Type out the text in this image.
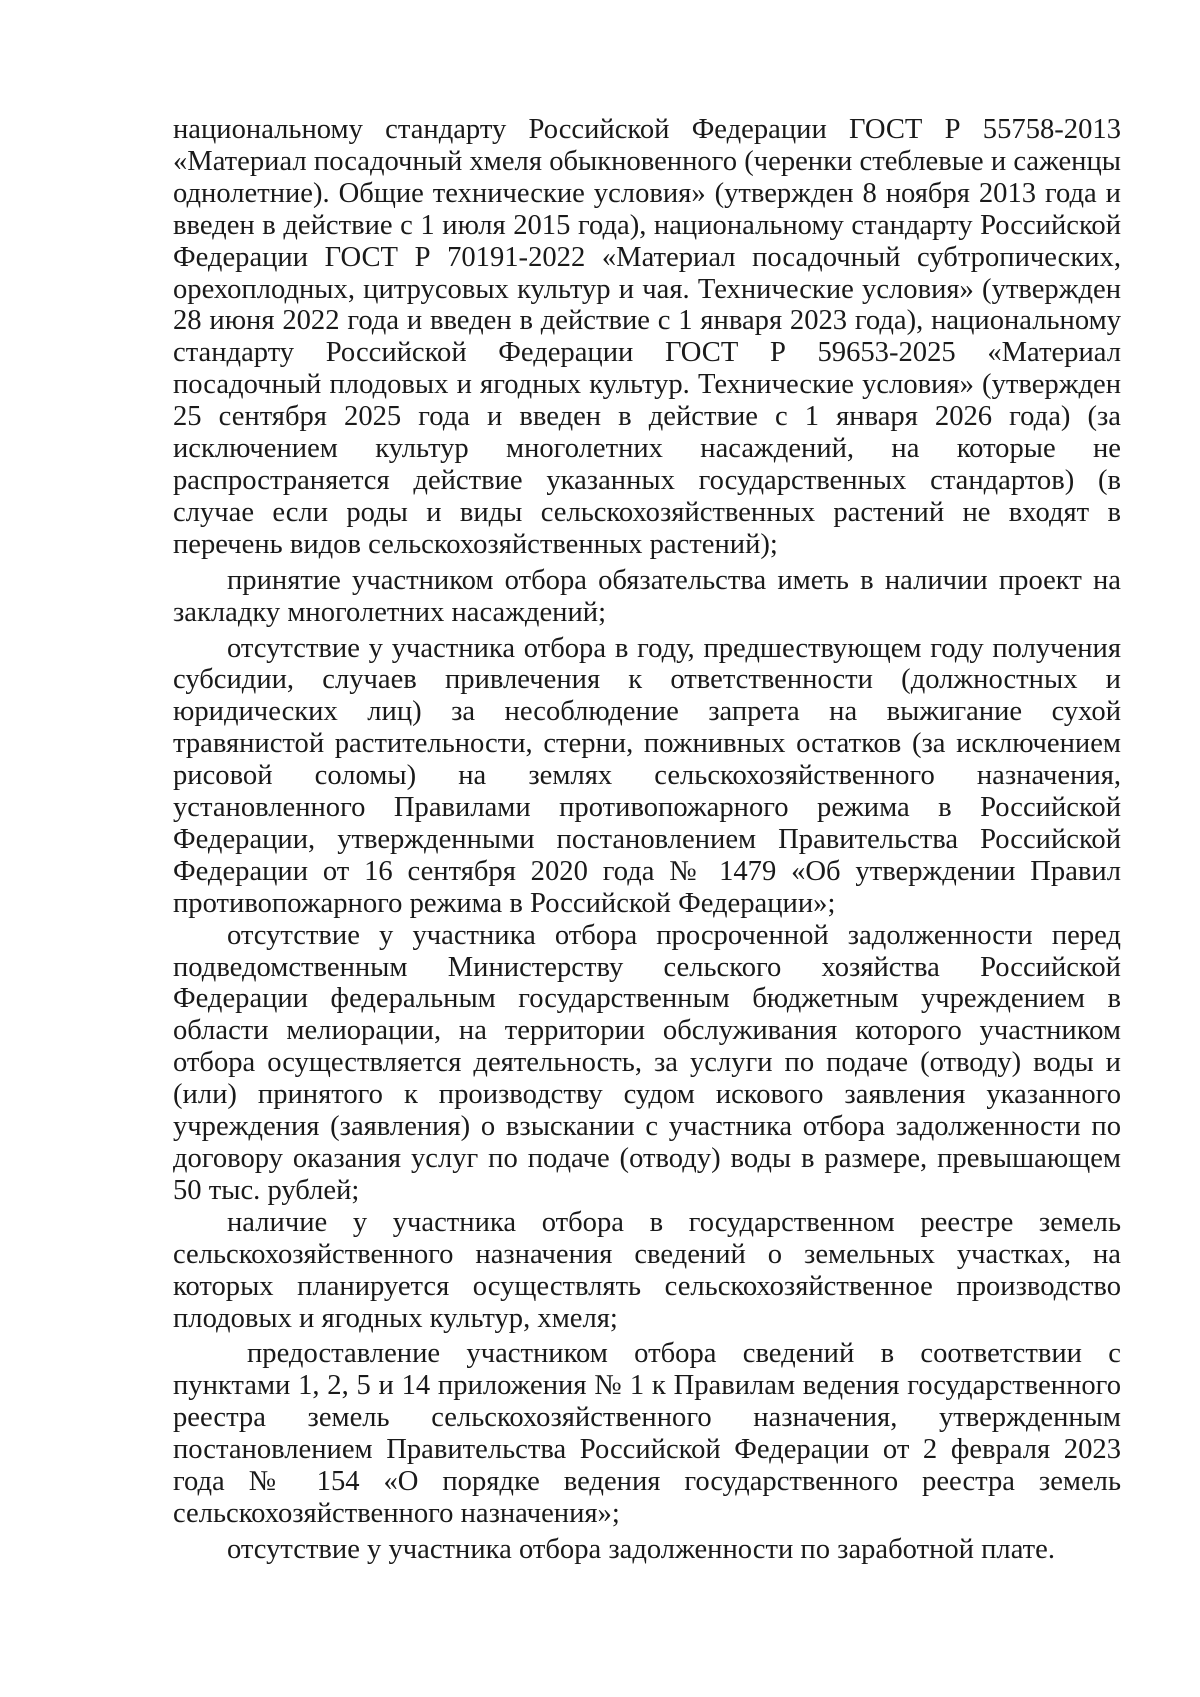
национальному стандарту Российской Федерации ГОСТ Р 55758-2013 «Материал посадочный хмеля обыкновенного (черенки стеблевые и саженцы однолетние). Общие технические условия» (утвержден 8 ноября 2013 года и введен в действие с 1 июля 2015 года), национальному стандарту Российской Федерации ГОСТ Р 70191-2022 «Материал посадочный субтропических, орехоплодных, цитрусовых культур и чая. Технические условия» (утвержден 28 июня 2022 года и введен в действие с 1 января 2023 года), национальному стандарту Российской Федерации ГОСТ Р 59653-2025 «Материал посадочный плодовых и ягодных культур. Технические условия» (утвержден 25 сентября 2025 года и введен в действие с 1 января 2026 года) (за исключением культур многолетних насаждений, на которые не распространяется действие указанных государственных стандартов) (в случае если роды и виды сельскохозяйственных растений не входят в перечень видов сельскохозяйственных растений);

принятие участником отбора обязательства иметь в наличии проект на закладку многолетних насаждений;

отсутствие у участника отбора в году, предшествующем году получения субсидии, случаев привлечения к ответственности (должностных и юридических лиц) за несоблюдение запрета на выжигание сухой травянистой растительности, стерни, пожнивных остатков (за исключением рисовой соломы) на землях сельскохозяйственного назначения, установленного Правилами противопожарного режима в Российской Федерации, утвержденными постановлением Правительства Российской Федерации от 16 сентября 2020 года № 1479 «Об утверждении Правил противопожарного режима в Российской Федерации»;

отсутствие у участника отбора просроченной задолженности перед подведомственным Министерству сельского хозяйства Российской Федерации федеральным государственным бюджетным учреждением в области мелиорации, на территории обслуживания которого участником отбора осуществляется деятельность, за услуги по подаче (отводу) воды и (или) принятого к производству судом искового заявления указанного учреждения (заявления) о взыскании с участника отбора задолженности по договору оказания услуг по подаче (отводу) воды в размере, превышающем 50 тыс. рублей;

наличие у участника отбора в государственном реестре земель сельскохозяйственного назначения сведений о земельных участках, на которых планируется осуществлять сельскохозяйственное производство плодовых и ягодных культур, хмеля;

предоставление участником отбора сведений в соответствии с пунктами 1, 2, 5 и 14 приложения № 1 к Правилам ведения государственного реестра земель сельскохозяйственного назначения, утвержденным постановлением Правительства Российской Федерации от 2 февраля 2023 года № 154 «О порядке ведения государственного реестра земель сельскохозяйственного назначения»;

отсутствие у участника отбора задолженности по заработной плате.
